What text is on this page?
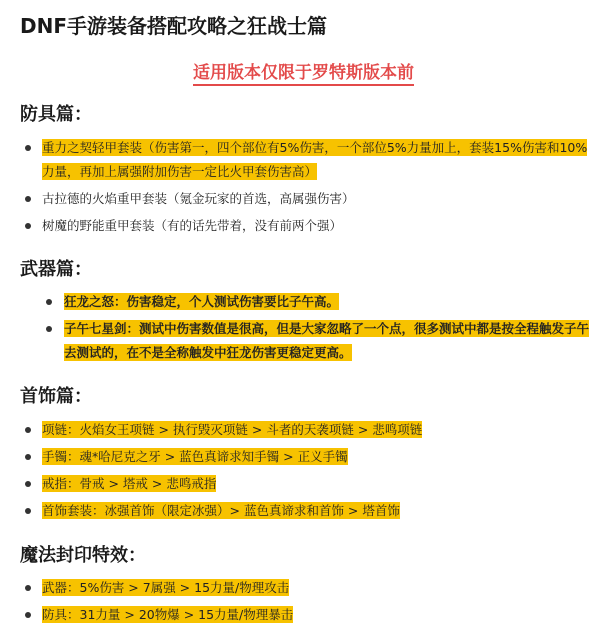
DNF手游装备搭配攻略之狂战士篇
适用版本仅限于罗特斯版本前
防具篇：
重力之契轻甲套装（伤害第一，四个部位有5%伤害，一个部位5%力量加上，套装15%伤害和10%力量，再加上属强附加伤害一定比火甲套伤害高）
古拉德的火焰重甲套装（氪金玩家的首选，高属强伤害）
树魔的野能重甲套装（有的话先带着，没有前两个强）
武器篇：
狂龙之怒：伤害稳定，个人测试伤害要比子午高。
子午七星剑：测试中伤害数值是很高，但是大家忽略了一个点，很多测试中都是按全程触发子午去测试的，在不是全称触发中狂龙伤害更稳定更高。
首饰篇：
项链：火焰女王项链 > 执行毁灭项链 > 斗者的天袭项链 > 悲鸣项链
手镯：魂*哈尼克之牙 > 蓝色真谛求知手镯 > 正义手镯
戒指：骨戒 > 塔戒 > 悲鸣戒指
首饰套装：冰强首饰（限定冰强）> 蓝色真谛求和首饰 > 塔首饰
魔法封印特效：
武器：5%伤害 > 7属强 > 15力量/物理攻击
防具：31力量 > 20物爆 > 15力量/物理暴击
